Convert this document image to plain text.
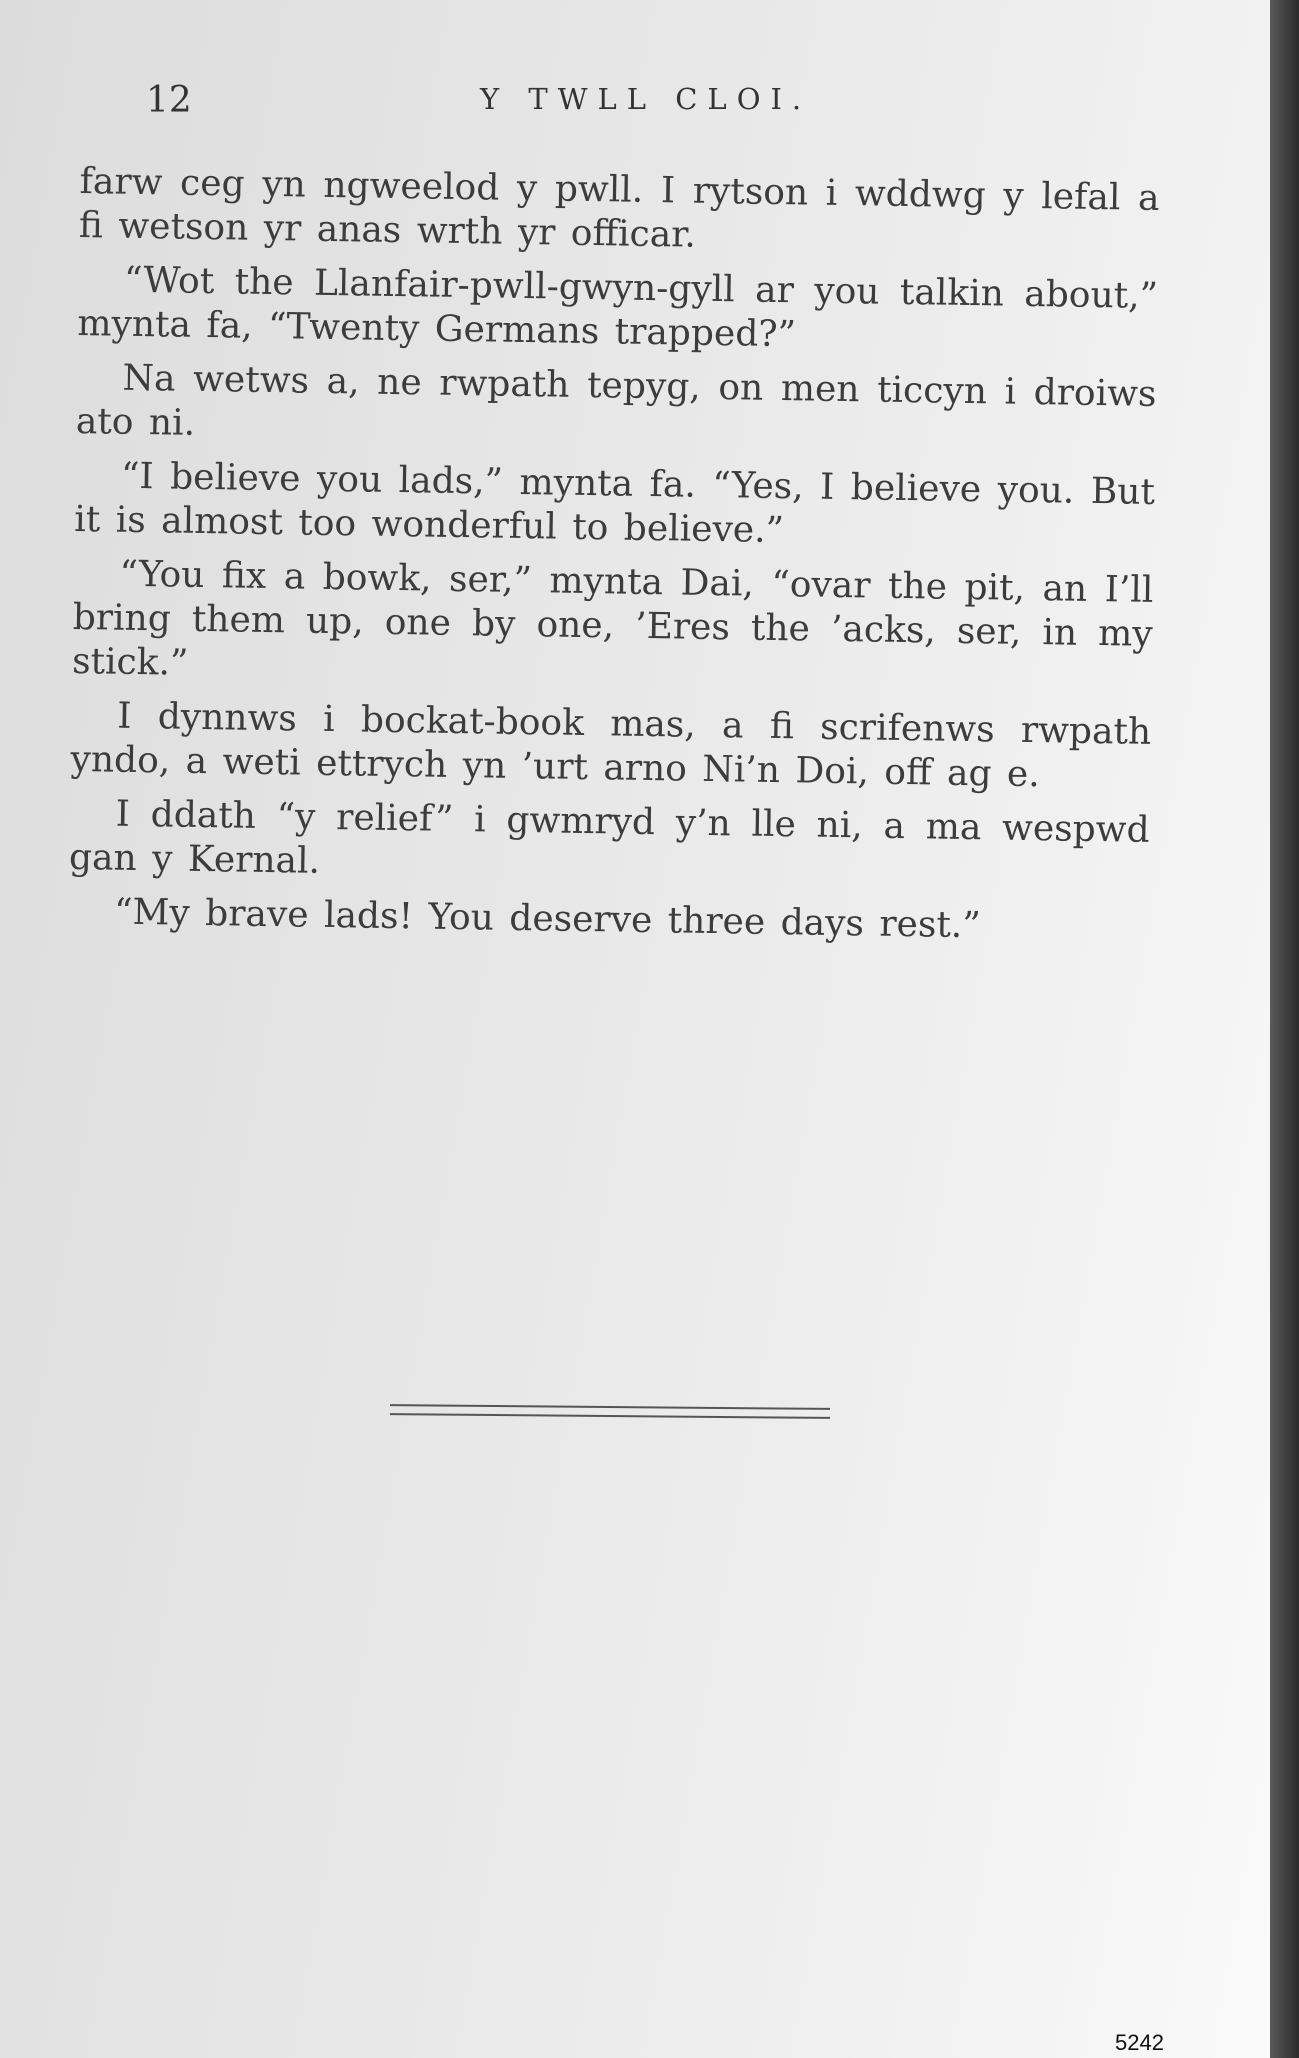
12	Y TWLL CLOI.

farw ceg yn ngweelod y pwll. I rytson i wddwg y lefal a fi wetson yr anas wrth yr officar.

“Wot the Llanfair-pwll-gwyn-gyll ar you talkin about,” mynta fa, “Twenty Germans trapped?”

Na wetws a, ne rwpath tepyg, on men ticcyn i droiws ato ni.

“I believe you lads,” mynta fa. “Yes, I believe you. But it is almost too wonderful to believe.”

“You fix a bowk, ser,” mynta Dai, “ovar the pit, an I’ll bring them up, one by one, ’Eres the ’acks, ser, in my stick.”

I dynnws i bockat-book mas, a fi scrifenws rwpath yndo, a weti ettrych yn ’urt arno Ni’n Doi, off ag e.

I ddath “y relief” i gwmryd y’n lle ni, a ma wespwd gan y Kernal.

“My brave lads! You deserve three days rest.”

5242
